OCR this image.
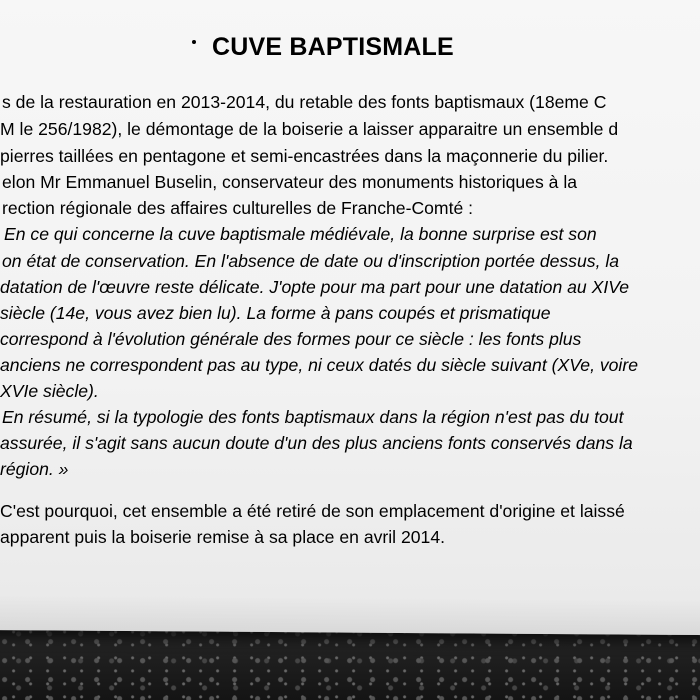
CUVE BAPTISMALE
s de la restauration en 2013-2014, du retable des fonts baptismaux (18eme C
M le 256/1982), le démontage de la boiserie a laisser apparaitre un ensemble d
pierres taillées en pentagone et semi-encastrées dans la maçonnerie du pilier.
elon Mr Emmanuel Buselin, conservateur des monuments historiques à la
rection régionale des affaires culturelles de Franche-Comté :
En ce qui concerne la cuve baptismale médiévale, la bonne surprise est son
on état de conservation. En l'absence de date ou d'inscription portée dessus, la
datation de l'œuvre reste délicate. J'opte pour ma part pour une datation au XIVe
siècle (14e, vous avez bien lu). La forme à pans coupés et prismatique
correspond à l'évolution générale des formes pour ce siècle : les fonts plus
anciens ne correspondent pas au type, ni ceux datés du siècle suivant (XVe, voire
XVIe siècle).
En résumé, si la typologie des fonts baptismaux dans la région n'est pas du tout
assurée, il s'agit sans aucun doute d'un des plus anciens fonts conservés dans la
région. »
C'est pourquoi, cet ensemble a été retiré de son emplacement d'origine et laissé
apparent puis la boiserie remise à sa place en avril 2014.
